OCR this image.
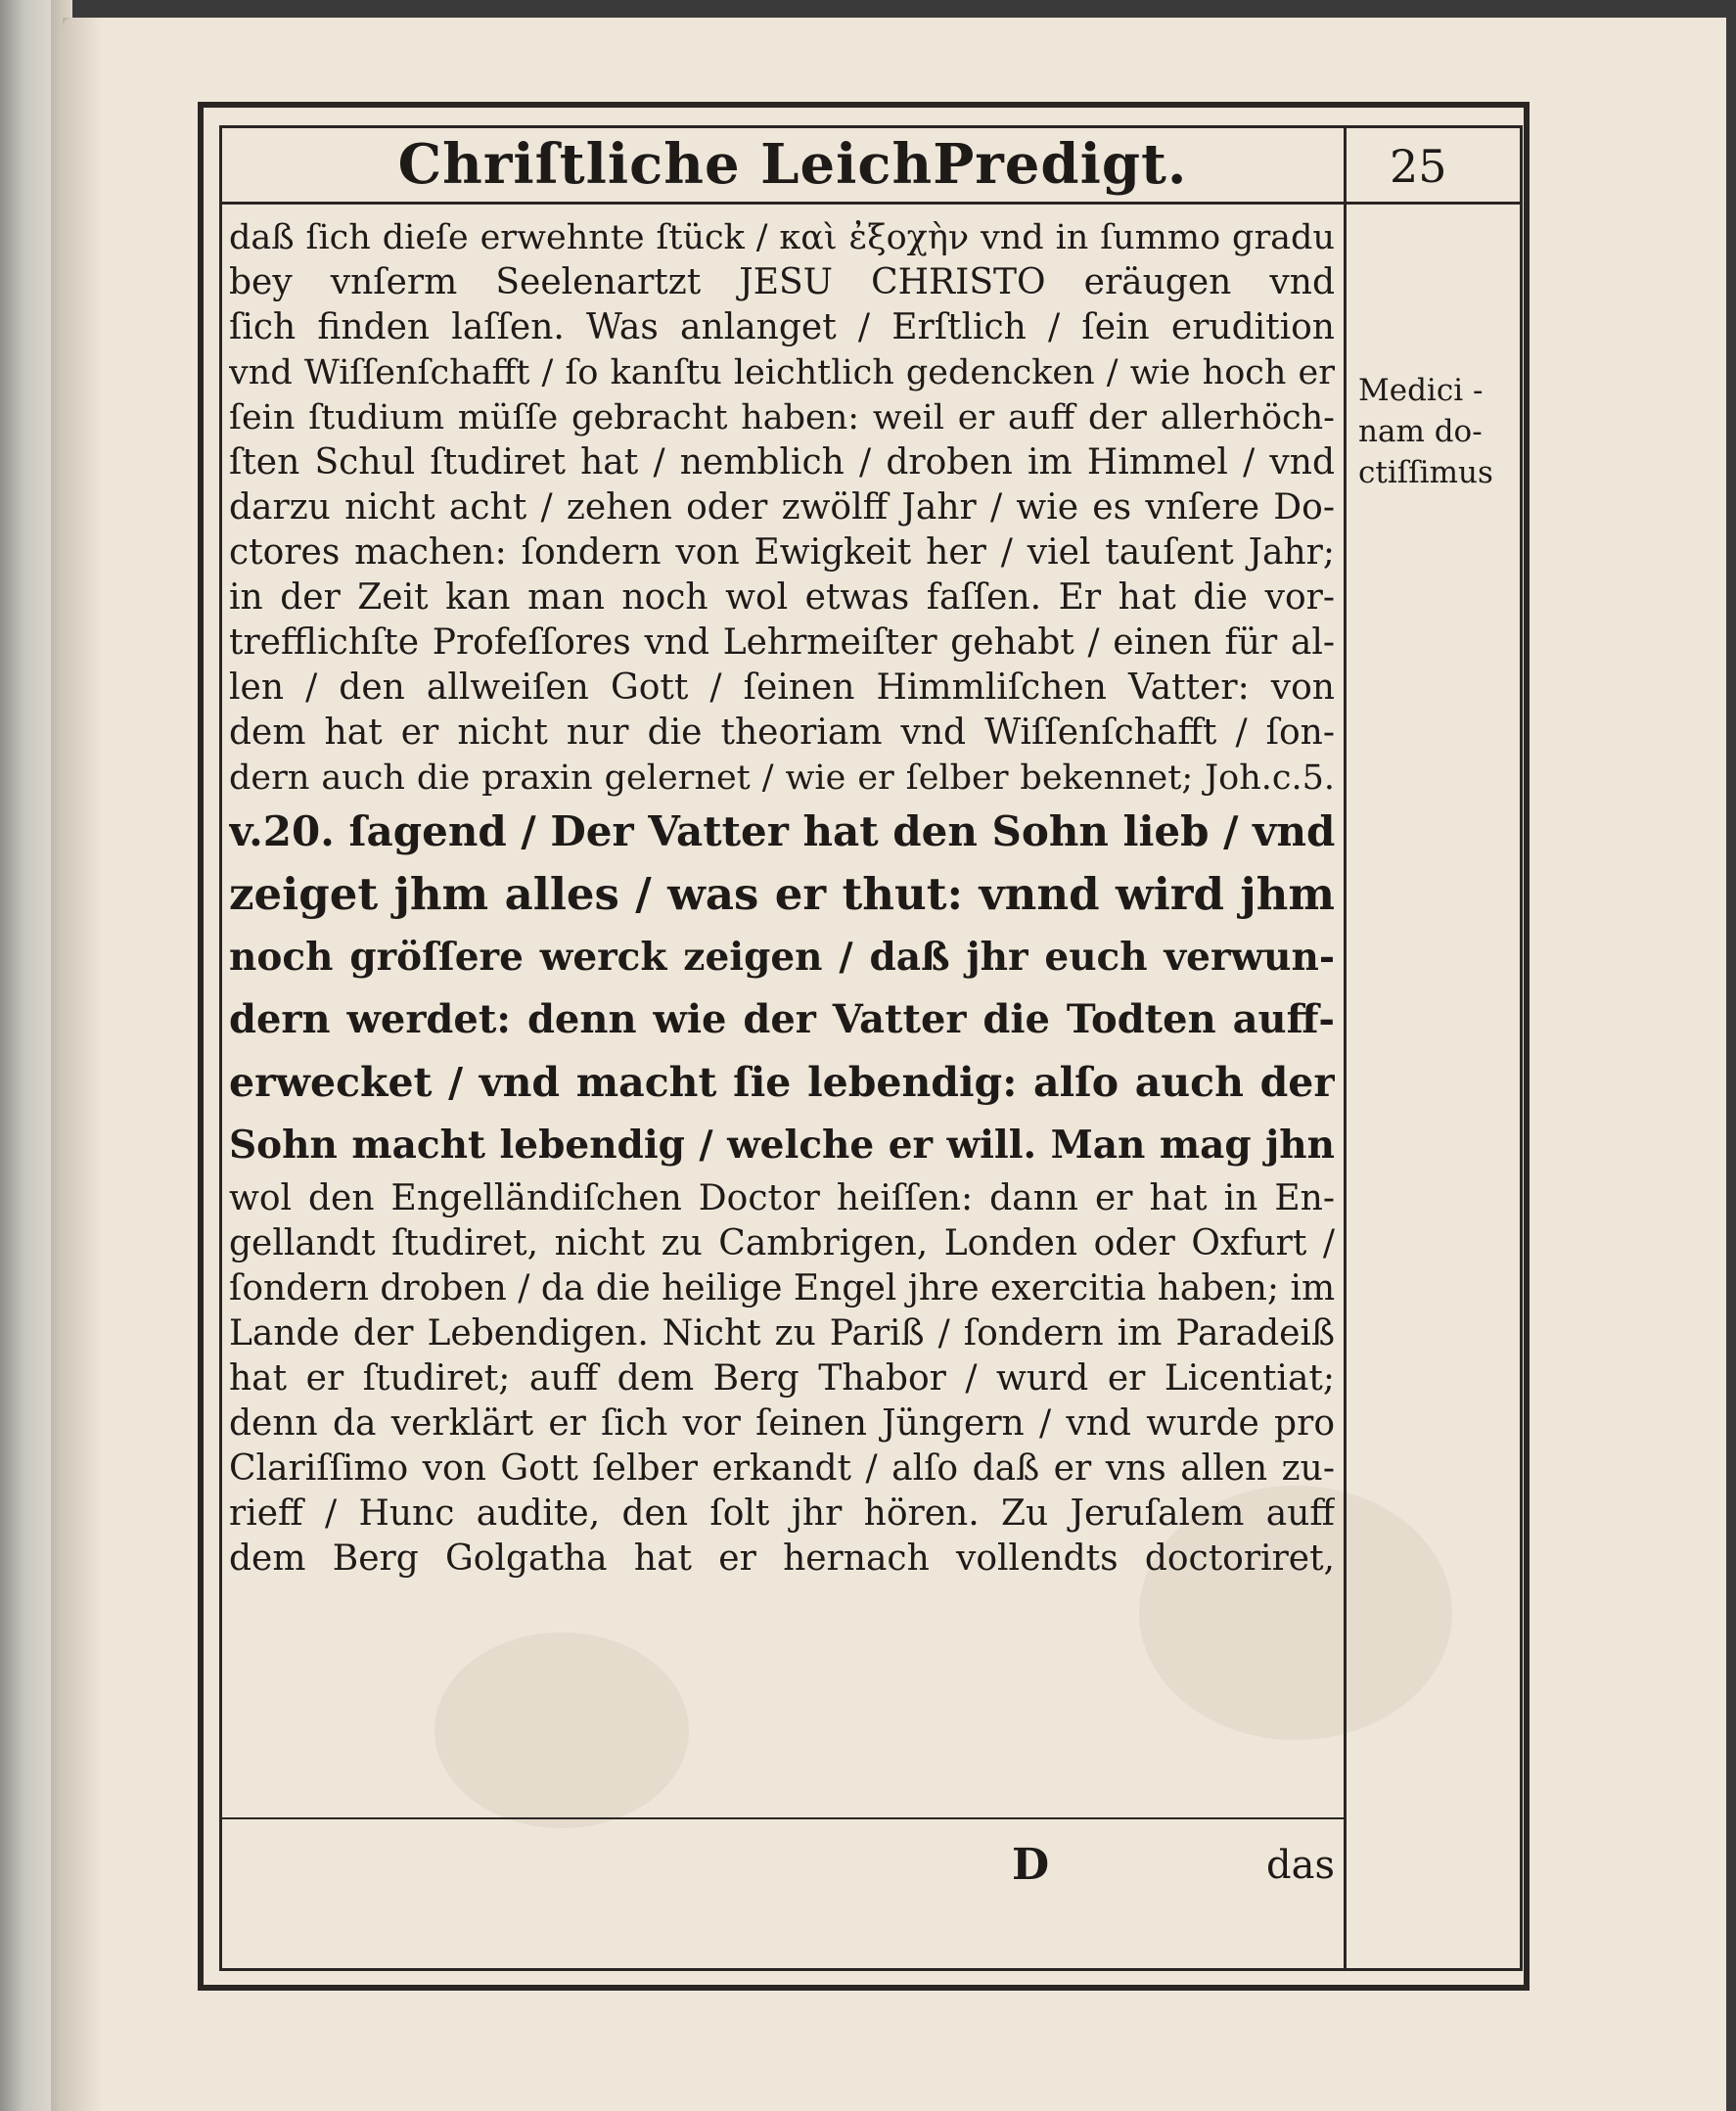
Chriſtliche LeichPredigt.	25
daß ſich dieſe erwehnte ſtück / καὶ ἐξοχὴν vnd in ſummo gradu
bey vnſerm Seelenartzt JESU CHRISTO eräugen vnd
ſich finden laſſen. Was anlanget / Erſtlich / ſein erudition
vnd Wiſſenſchafft / ſo kanſtu leichtlich gedencken / wie hoch er
ſein ſtudium müſſe gebracht haben: weil er auff der allerhöch-
ſten Schul ſtudiret hat / nemblich / droben im Himmel / vnd
darzu nicht acht / zehen oder zwölff Jahr / wie es vnſere Do-
ctores machen: ſondern von Ewigkeit her / viel tauſent Jahr;
in der Zeit kan man noch wol etwas faſſen. Er hat die vor-
trefflichſte Profeſſores vnd Lehrmeiſter gehabt / einen für al-
len / den allweiſen Gott / ſeinen Himmliſchen Vatter: von
dem hat er nicht nur die theoriam vnd Wiſſenſchafft / ſon-
dern auch die praxin gelernet / wie er ſelber bekennet; Joh.c.5.
v.20. ſagend / Der Vatter hat den Sohn lieb / vnd
zeiget jhm alles / was er thut: vnnd wird jhm
noch gröſſere werck zeigen / daß jhr euch verwun-
dern werdet: denn wie der Vatter die Todten auff-
erwecket / vnd macht ſie lebendig: alſo auch der
Sohn macht lebendig / welche er will. Man mag jhn
wol den Engelländiſchen Doctor heiſſen: dann er hat in En-
gellandt ſtudiret, nicht zu Cambrigen, Londen oder Oxfurt /
ſondern droben / da die heilige Engel jhre exercitia haben; im
Lande der Lebendigen. Nicht zu Pariß / ſondern im Paradeiß
hat er ſtudiret; auff dem Berg Thabor / wurd er Licentiat;
denn da verklärt er ſich vor ſeinen Jüngern / vnd wurde pro
Clariſſimo von Gott ſelber erkandt / alſo daß er vns allen zu-
rieff / Hunc audite, den ſolt jhr hören. Zu Jeruſalem auff
dem Berg Golgatha hat er hernach vollendts doctoriret,
Medici -
nam do-
ctiſſimus
D	das
